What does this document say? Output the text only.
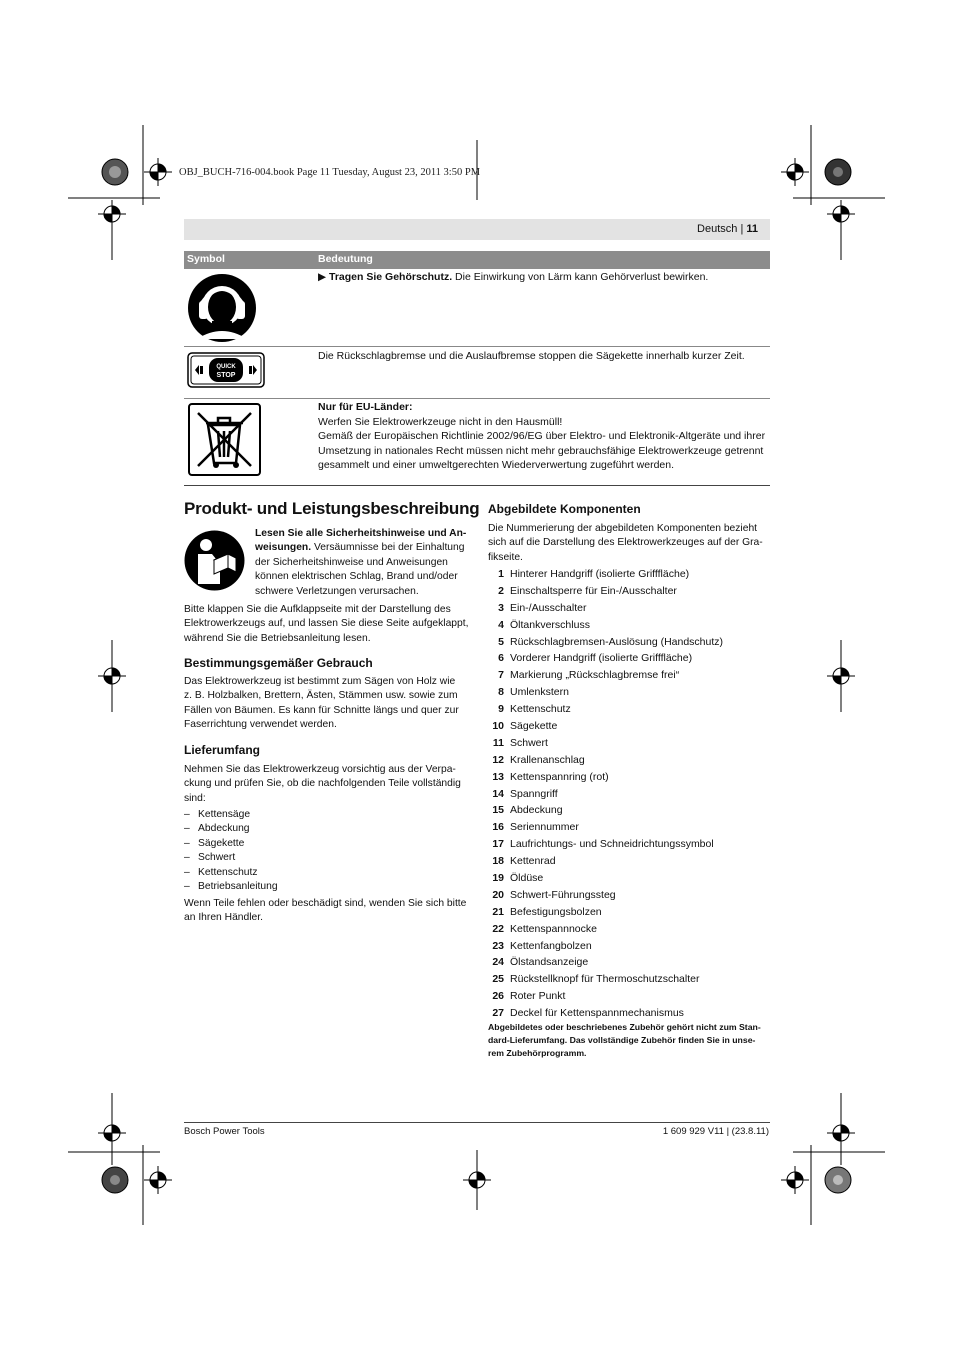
OBJ_BUCH-716-004.book Page 11 Tuesday, August 23, 2011 3:50 PM
Deutsch | 11
Symbol	Bedeutung
▶ Tragen Sie Gehörschutz. Die Einwirkung von Lärm kann Gehörverlust bewirken.
QUICK
STOP
Die Rückschlagbremse und die Auslaufbremse stoppen die Sägekette innerhalb kurzer Zeit.
Nur für EU-Länder:
Werfen Sie Elektrowerkzeuge nicht in den Hausmüll!
Gemäß der Europäischen Richtlinie 2002/96/EG über Elektro- und Elektronik-Altgeräte und ihrer
Umsetzung in nationales Recht müssen nicht mehr gebrauchsfähige Elektrowerkzeuge getrennt
gesammelt und einer umweltgerechten Wiederverwertung zugeführt werden.
Produkt- und Leistungsbeschreibung
Lesen Sie alle Sicherheitshinweise und An-
weisungen. Versäumnisse bei der Einhaltung
der Sicherheitshinweise und Anweisungen
können elektrischen Schlag, Brand und/oder
schwere Verletzungen verursachen.
Bitte klappen Sie die Aufklappseite mit der Darstellung des
Elektrowerkzeugs auf, und lassen Sie diese Seite aufgeklappt,
während Sie die Betriebsanleitung lesen.
Bestimmungsgemäßer Gebrauch
Das Elektrowerkzeug ist bestimmt zum Sägen von Holz wie
z. B. Holzbalken, Brettern, Ästen, Stämmen usw. sowie zum
Fällen von Bäumen. Es kann für Schnitte längs und quer zur
Faserrichtung verwendet werden.
Lieferumfang
Nehmen Sie das Elektrowerkzeug vorsichtig aus der Verpa-
ckung und prüfen Sie, ob die nachfolgenden Teile vollständig
sind:
– Kettensäge
– Abdeckung
– Sägekette
– Schwert
– Kettenschutz
– Betriebsanleitung
Wenn Teile fehlen oder beschädigt sind, wenden Sie sich bitte
an Ihren Händler.
Abgebildete Komponenten
Die Nummerierung der abgebildeten Komponenten bezieht
sich auf die Darstellung des Elektrowerkzeuges auf der Gra-
fikseite.
1 Hinterer Handgriff (isolierte Grifffläche)
2 Einschaltsperre für Ein-/Ausschalter
3 Ein-/Ausschalter
4 Öltankverschluss
5 Rückschlagbremsen-Auslösung (Handschutz)
6 Vorderer Handgriff (isolierte Grifffläche)
7 Markierung „Rückschlagbremse frei“
8 Umlenkstern
9 Kettenschutz
10 Sägekette
11 Schwert
12 Krallenanschlag
13 Kettenspannring (rot)
14 Spanngriff
15 Abdeckung
16 Seriennummer
17 Laufrichtungs- und Schneidrichtungssymbol
18 Kettenrad
19 Öldüse
20 Schwert-Führungssteg
21 Befestigungsbolzen
22 Kettenspannnocke
23 Kettenfangbolzen
24 Ölstandsanzeige
25 Rückstellknopf für Thermoschutzschalter
26 Roter Punkt
27 Deckel für Kettenspannmechanismus
Abgebildetes oder beschriebenes Zubehör gehört nicht zum Stan-
dard-Lieferumfang. Das vollständige Zubehör finden Sie in unse-
rem Zubehörprogramm.
Bosch Power Tools	1 609 929 V11 | (23.8.11)
